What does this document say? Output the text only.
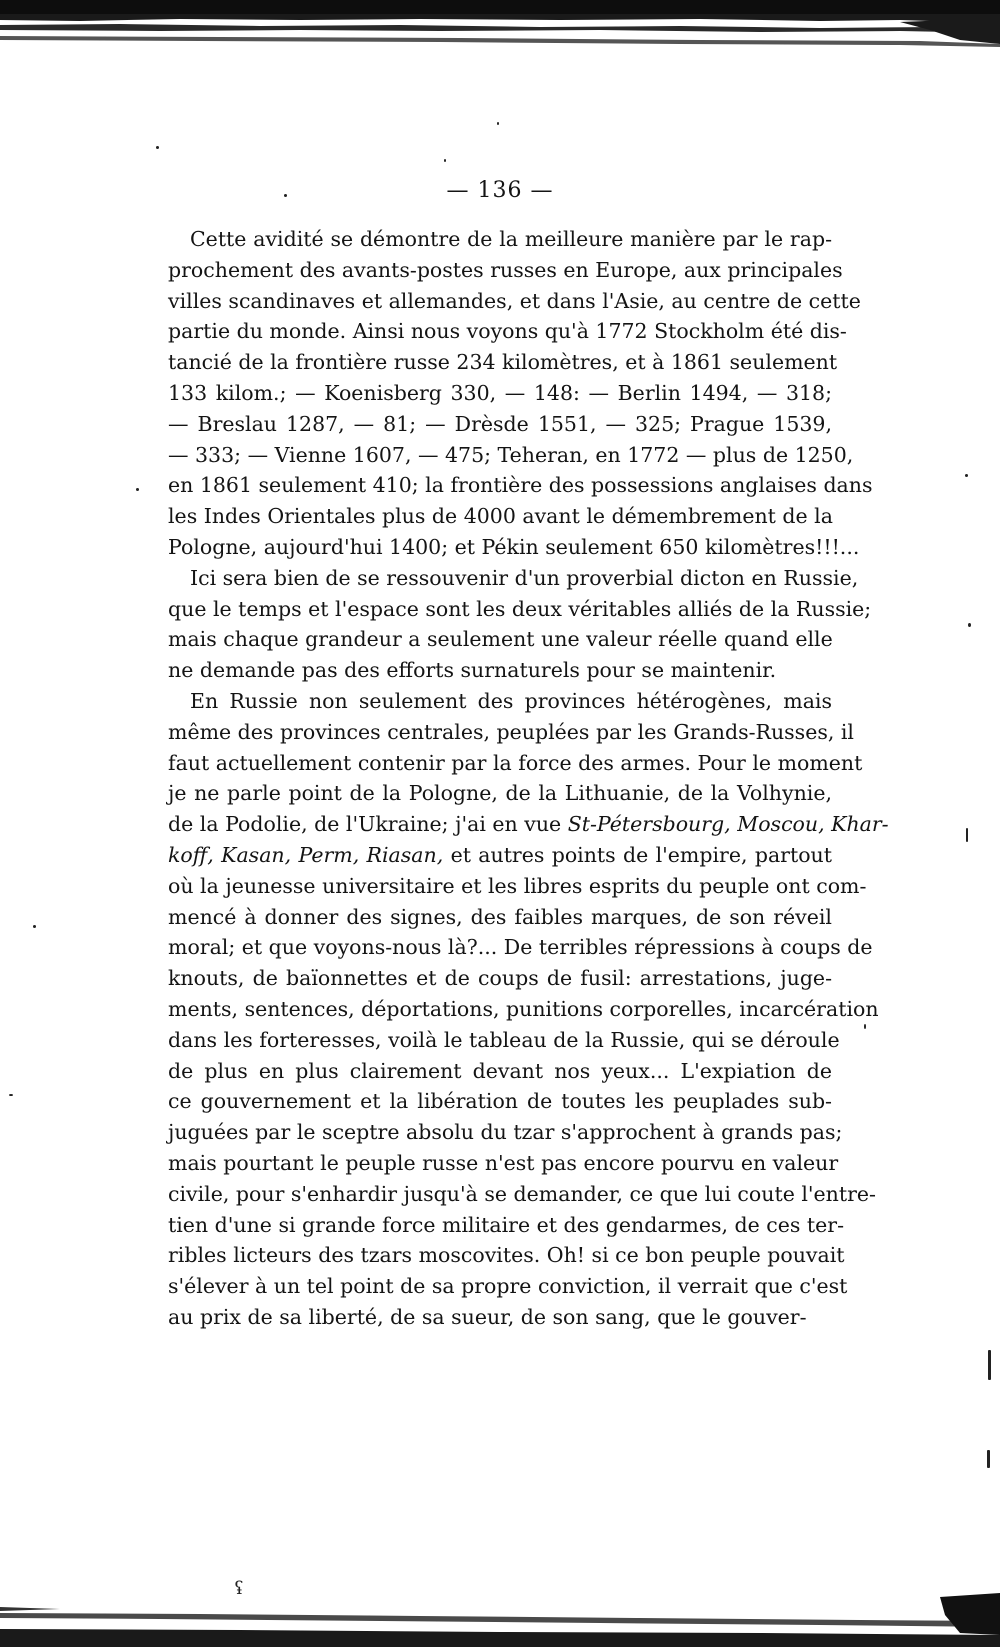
— 136 —
Cette avidité se démontre de la meilleure manière par le rap-
prochement des avants-postes russes en Europe, aux principales
villes scandinaves et allemandes, et dans l'Asie, au centre de cette
partie du monde. Ainsi nous voyons qu'à 1772 Stockholm été dis-
tancié de la frontière russe 234 kilomètres, et à 1861 seulement
133 kilom.; — Koenisberg 330, — 148: — Berlin 1494, — 318;
— Breslau 1287, — 81; — Drèsde 1551, — 325; Prague 1539,
— 333; — Vienne 1607, — 475; Teheran, en 1772 — plus de 1250,
en 1861 seulement 410; la frontière des possessions anglaises dans
les Indes Orientales plus de 4000 avant le démembrement de la
Pologne, aujourd'hui 1400; et Pékin seulement 650 kilomètres!!!...
Ici sera bien de se ressouvenir d'un proverbial dicton en Russie,
que le temps et l'espace sont les deux véritables alliés de la Russie;
mais chaque grandeur a seulement une valeur réelle quand elle
ne demande pas des efforts surnaturels pour se maintenir.
En Russie non seulement des provinces hétérogènes, mais
même des provinces centrales, peuplées par les Grands-Russes, il
faut actuellement contenir par la force des armes. Pour le moment
je ne parle point de la Pologne, de la Lithuanie, de la Volhynie,
de la Podolie, de l'Ukraine; j'ai en vue St-Pétersbourg, Moscou, Khar-
koff, Kasan, Perm, Riasan, et autres points de l'empire, partout
où la jeunesse universitaire et les libres esprits du peuple ont com-
mencé à donner des signes, des faibles marques, de son réveil
moral; et que voyons-nous là?... De terribles répressions à coups de
knouts, de baïonnettes et de coups de fusil: arrestations, juge-
ments, sentences, déportations, punitions corporelles, incarcération
dans les forteresses, voilà le tableau de la Russie, qui se déroule
de plus en plus clairement devant nos yeux... L'expiation de
ce gouvernement et la libération de toutes les peuplades sub-
juguées par le sceptre absolu du tzar s'approchent à grands pas;
mais pourtant le peuple russe n'est pas encore pourvu en valeur
civile, pour s'enhardir jusqu'à se demander, ce que lui coute l'entre-
tien d'une si grande force militaire et des gendarmes, de ces ter-
ribles licteurs des tzars moscovites. Oh! si ce bon peuple pouvait
s'élever à un tel point de sa propre conviction, il verrait que c'est
au prix de sa liberté, de sa sueur, de son sang, que le gouver-
ʢ
